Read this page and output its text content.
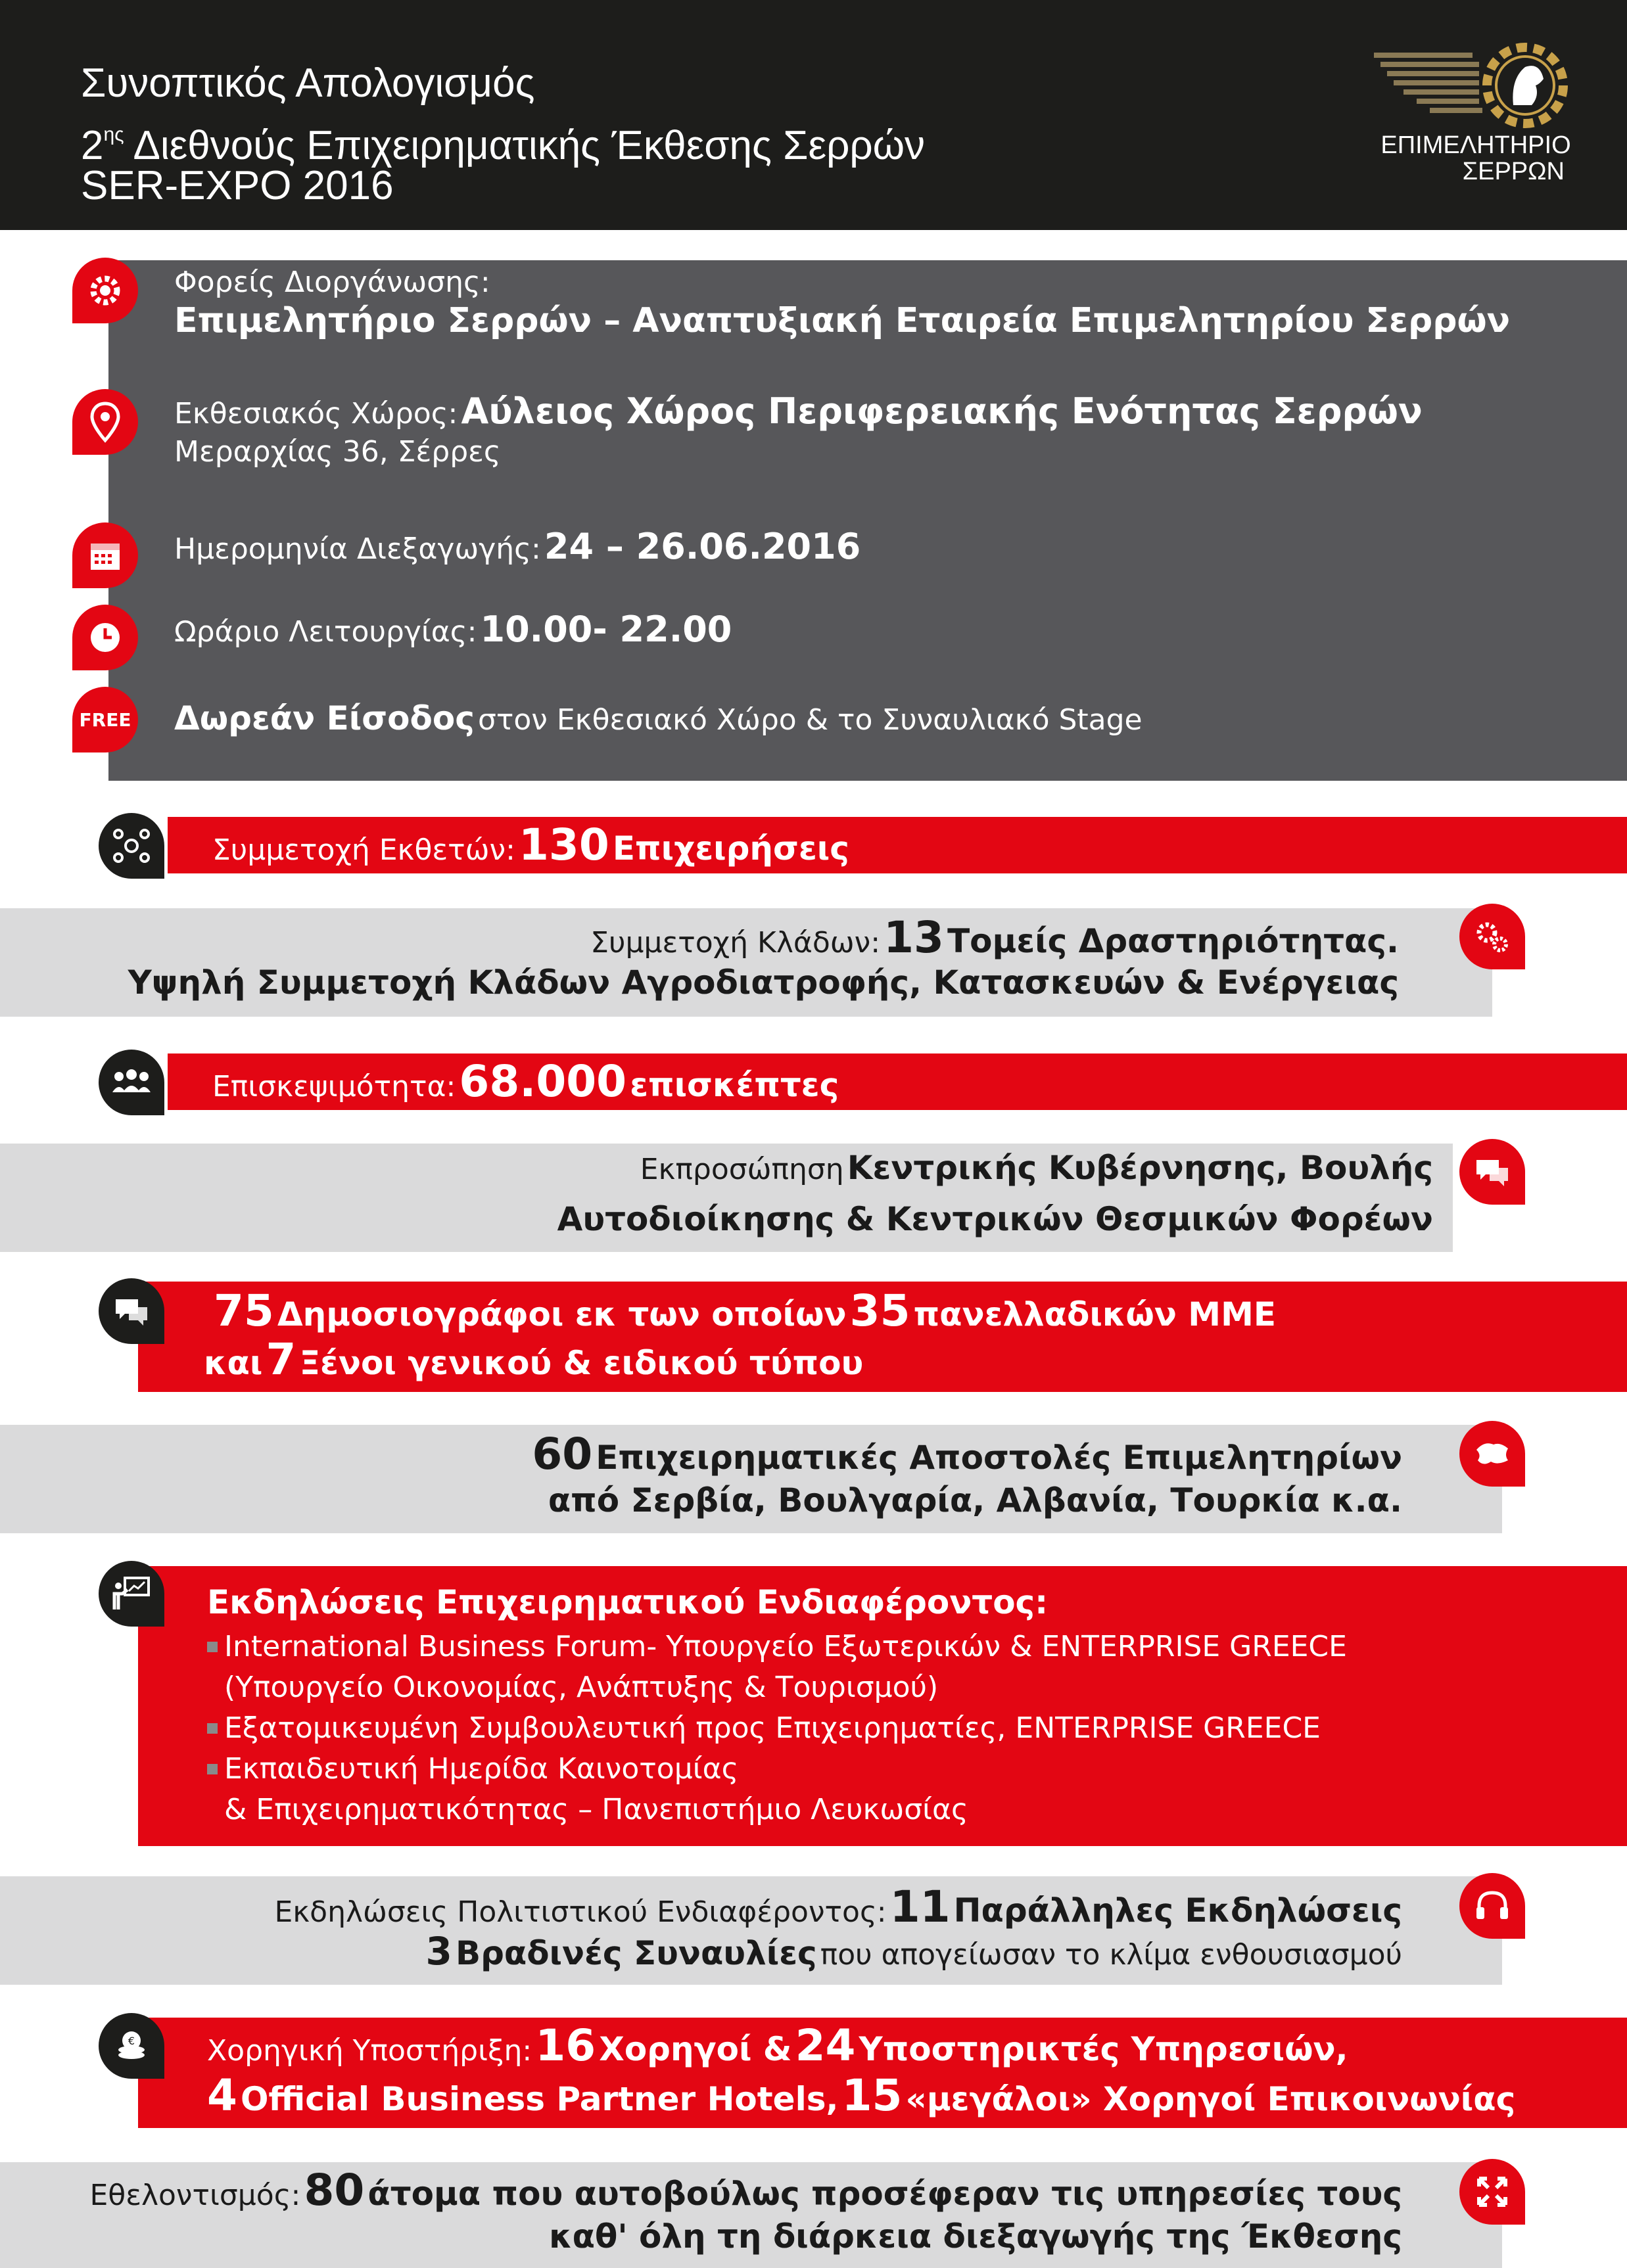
Συνοπτικός Απολογισμός
$2^{\eta\varsigma}$ Διεθνούς Επιχειρηματικής Έκθεσης Σερρών
SER-EXPO 2016
ΕΠΙΜΕΛΗΤΗΡΙΟ
ΣΕΡΡΩΝ
Φορείς Διοργάνωσης:
Επιμελητήριο Σερρών – Αναπτυξιακή Εταιρεία Επιμελητηρίου Σερρών
Εκθεσιακός Χώρος: Αύλειος Χώρος Περιφερειακής Ενότητας Σερρών
Μεραρχίας 36, Σέρρες
Ημερομηνία Διεξαγωγής: 24 – 26.06.2016
Ωράριο Λειτουργίας: 10.00- 22.00
Δωρεάν Είσοδος στον Εκθεσιακό Χώρο & το Συναυλιακό Stage
FREE
Συμμετοχή Εκθετών: 130 Επιχειρήσεις
Συμμετοχή Κλάδων: 13 Τομείς Δραστηριότητας.
Υψηλή Συμμετοχή Κλάδων Αγροδιατροφής, Κατασκευών & Ενέργειας
Επισκεψιμότητα: 68.000 επισκέπτες
Εκπροσώπηση Κεντρικής Κυβέρνησης, Βουλής
Αυτοδιοίκησης & Κεντρικών Θεσμικών Φορέων
75 Δημοσιογράφοι εκ των οποίων 35 πανελλαδικών ΜΜΕ
και 7 Ξένοι γενικού & ειδικού τύπου
60 Επιχειρηματικές Αποστολές Επιμελητηρίων
από Σερβία, Βουλγαρία, Αλβανία, Τουρκία κ.α.
Εκδηλώσεις Επιχειρηματικού Ενδιαφέροντος:
International Business Forum- Υπουργείο Εξωτερικών & ENTERPRISE GREECE
(Υπουργείο Οικονομίας, Ανάπτυξης & Τουρισμού)
Εξατομικευμένη Συμβουλευτική προς Επιχειρηματίες, ENTERPRISE GREECE
Εκπαιδευτική Ημερίδα Καινοτομίας
& Επιχειρηματικότητας – Πανεπιστήμιο Λευκωσίας
Εκδηλώσεις Πολιτιστικού Ενδιαφέροντος: 11 Παράλληλες Εκδηλώσεις
3 Βραδινές Συναυλίες που απογείωσαν το κλίμα ενθουσιασμού
Χορηγική Υποστήριξη: 16 Χορηγοί & 24 Υποστηρικτές Υπηρεσιών,
4 Official Business Partner Hotels, 15 «μεγάλοι» Χορηγοί Επικοινωνίας
€
Εθελοντισμός: 80 άτομα που αυτοβούλως προσέφεραν τις υπηρεσίες τους
καθ' όλη τη διάρκεια διεξαγωγής της Έκθεσης
